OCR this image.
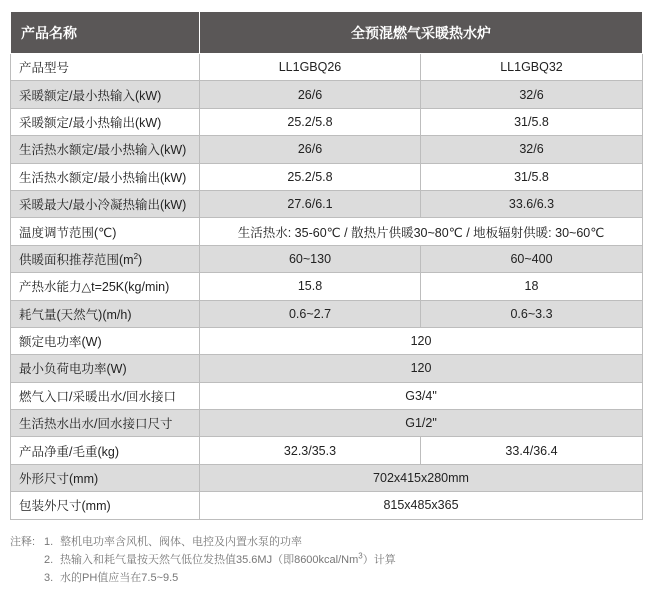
产品名称	全预混燃气采暖热水炉	
产品型号	LL1GBQ26	LL1GBQ32
采暖额定/最小热输入(kW)	26/6	32/6
采暖额定/最小热输出(kW)	25.2/5.8	31/5.8
生活热水额定/最小热输入(kW)	26/6	32/6
生活热水额定/最小热输出(kW)	25.2/5.8	31/5.8
采暖最大/最小冷凝热输出(kW)	27.6/6.1	33.6/6.3
温度调节范围(℃)	生活热水: 35-60℃ / 散热片供暖30~80℃ / 地板辐射供暖: 30~60℃	
供暖面积推荐范围$(m^2)$	60~130	60~400
产热水能力△t=25K(kg/min)	15.8	18
耗气量(天然气)(m/h)	0.6~2.7	0.6~3.3
额定电功率(W)	120	
最小负荷电功率(W)	120	
燃气入口/采暖出水/回水接口	G3/4"	
生活热水出水/回水接口尺寸	G1/2"	
产品净重/毛重(kg)	32.3/35.3	33.4/36.4
外形尺寸(mm)	702x415x280mm	
包装外尺寸(mm)	815x485x365	
注释: 1. 整机电功率含风机、阀体、电控及内置水泵的功率
2. 热输入和耗气量按天然气低位发热值35.6MJ（即8600kcal/Nm$^3$）计算
3. 水的PH值应当在7.5~9.5
